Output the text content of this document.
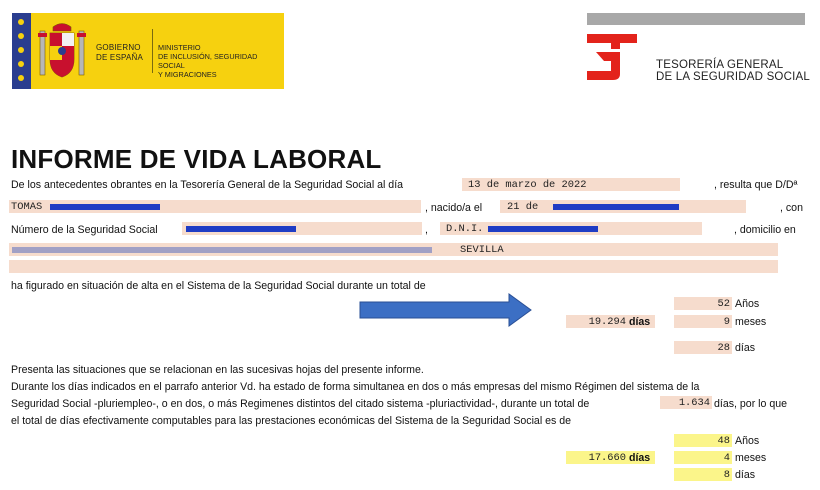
GOBIERNO
DE ESPAÑA
MINISTERIO
DE INCLUSIÓN, SEGURIDAD SOCIAL
Y MIGRACIONES
TESORERÍA GENERAL
DE LA SEGURIDAD SOCIAL
INFORME DE VIDA LABORAL
De los antecedentes obrantes en la Tesorería General de la Seguridad Social al día	13 de marzo de 2022	, resulta que D/Dª
TOMAS	, nacido/a el 21 de	, con
Número de la Seguridad Social	, D.N.I.	, domicilio en
SEVILLA
ha figurado en situación de alta en el Sistema de la Seguridad Social durante un total de
52 Años
19.294 días	9 meses
28 días
Presenta las situaciones que se relacionan en las sucesivas hojas del presente informe.
Durante los días indicados en el parrafo anterior Vd. ha estado de forma simultanea en dos o más empresas del mismo Régimen del sistema de la
Seguridad Social -pluriempleo-, o en dos, o más Regimenes distintos del citado sistema -pluriactividad-, durante un total de	1.634 días, por lo que
el total de días efectivamente computables para las prestaciones económicas del Sistema de la Seguridad Social es de
48 Años
17.660 días	4 meses
8 días
